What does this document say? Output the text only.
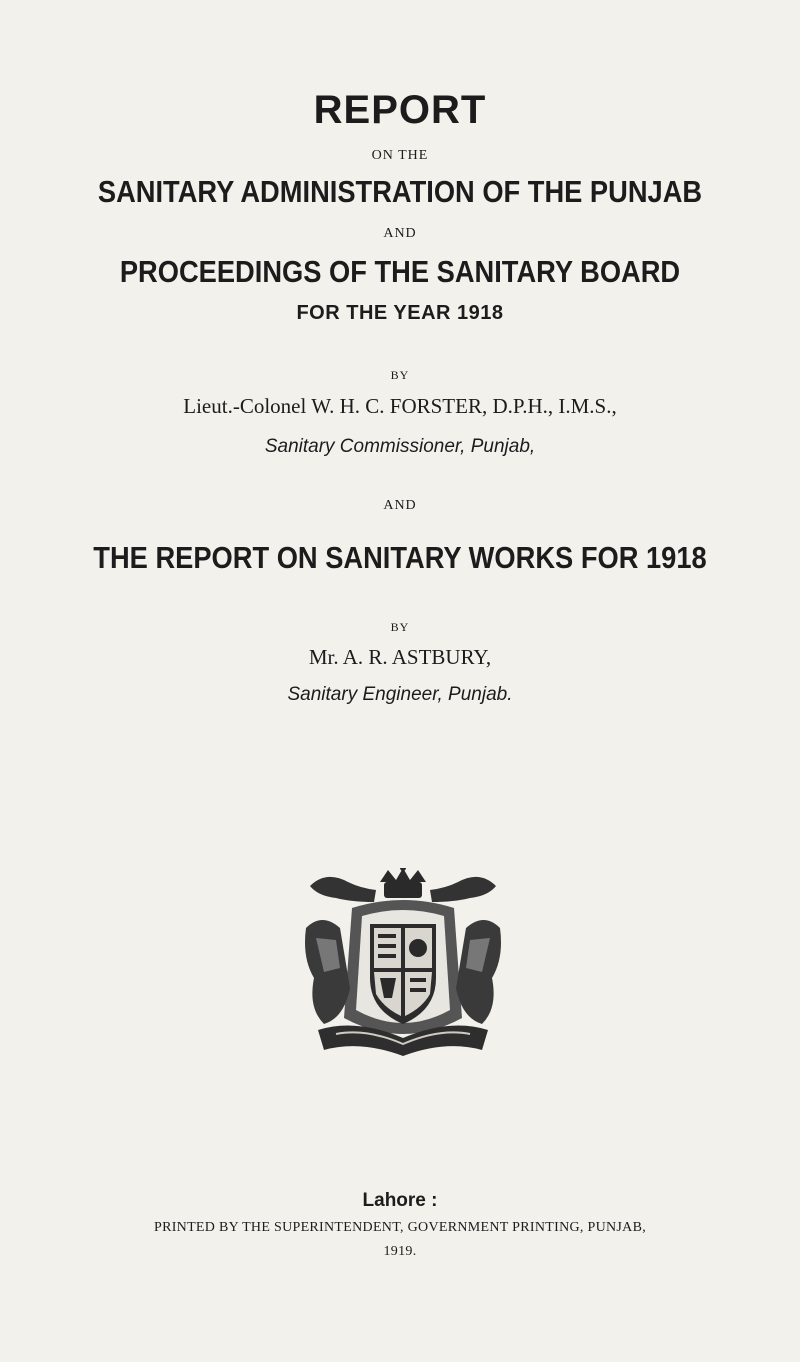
REPORT
ON THE
SANITARY ADMINISTRATION OF THE PUNJAB
AND
PROCEEDINGS OF THE SANITARY BOARD
FOR THE YEAR 1918
BY
Lieut.-Colonel W. H. C. FORSTER, D.P.H., I.M.S.,
Sanitary Commissioner, Punjab,
AND
THE REPORT ON SANITARY WORKS FOR 1918
BY
Mr. A. R. ASTBURY,
Sanitary Engineer, Punjab.
Lahore :
PRINTED BY THE SUPERINTENDENT, GOVERNMENT PRINTING, PUNJAB,
1919.
